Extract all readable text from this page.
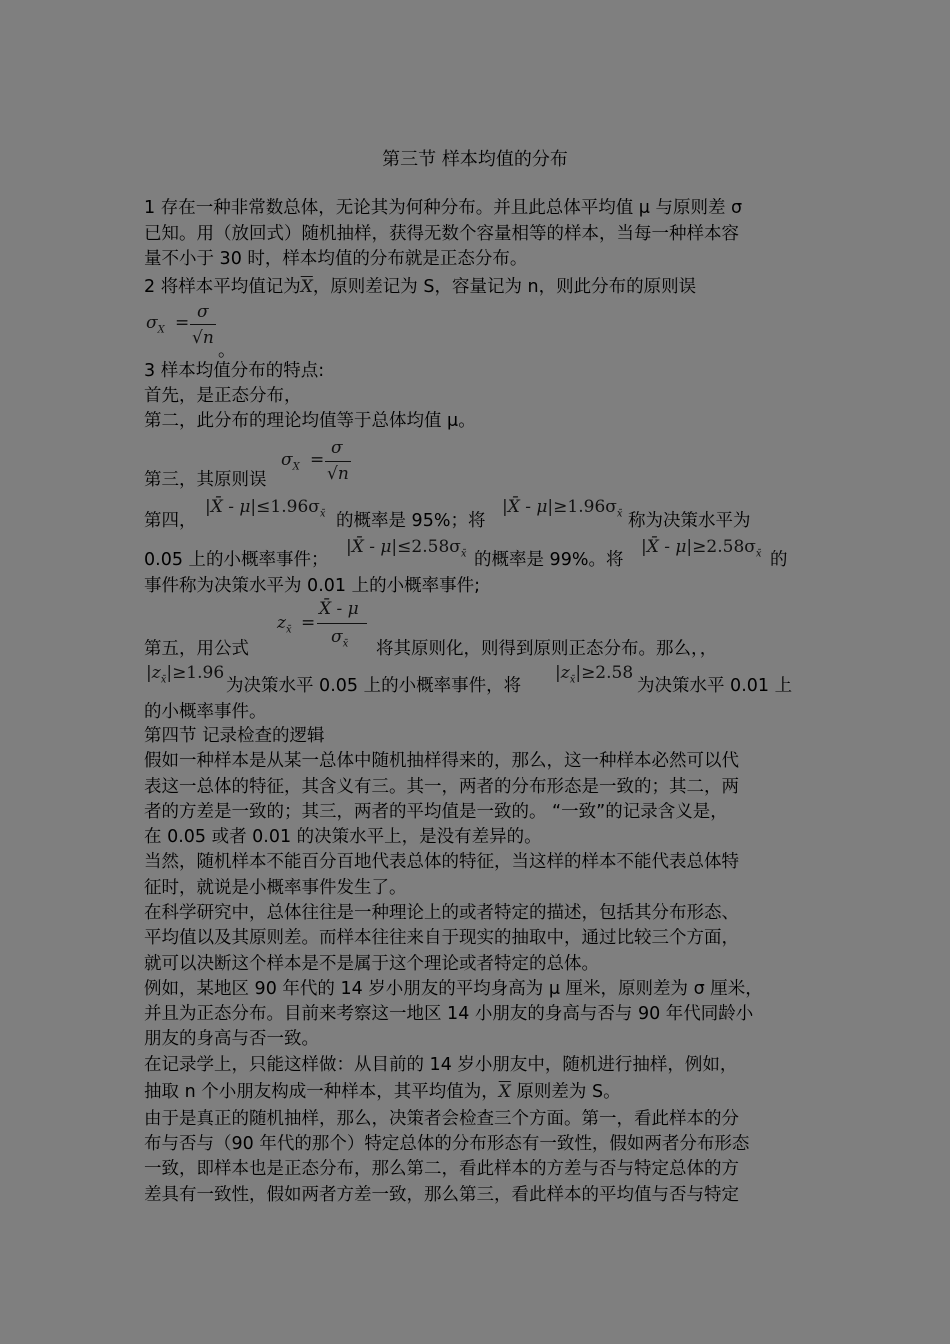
第三节 样本均值的分布
1 存在一种非常数总体，无论其为何种分布。并且此总体平均值 μ 与原则差 σ
已知。用（放回式）随机抽样，获得无数个容量相等的样本，当每一种样本容
量不小于 30 时，样本均值的分布就是正态分布。
2 将样本平均值记为$\overline{X}$，原则差记为 S，容量记为 n，则此分布的原则误
$\sigma_X$ =
σ
√n
。
3 样本均值分布的特点:
首先，是正态分布，
第二，此分布的理论均值等于总体均值 μ。
$\sigma_X$ =
σ
√n
第三，其原则误
第四，
|X̄ - $\mu|\le 1.96\sigma_{x̄}$ 的概率是 95%；将
|X̄ - $\mu|\ge 1.96\sigma_{x̄}$ 称为决策水平为
0.05 上的小概率事件；
|X̄ - $\mu|\le 2.58\sigma_{x̄}$ 的概率是 99%。将
|X̄ - $\mu|\ge 2.58\sigma_{x̄}$ 的
事件称为决策水平为 0.01 上的小概率事件;
$z_{x̄}$ =
X̄ - μ
$\sigma_{x̄}$
第五，用公式	将其原则化，则得到原则正态分布。那么，，
$|z_{x̄}|\ge 1.96$
为决策水平 0.05 上的小概率事件，将
$|z_{x̄}|\ge 2.58$
为决策水平 0.01 上
的小概率事件。
第四节 记录检查的逻辑
假如一种样本是从某一总体中随机抽样得来的，那么，这一种样本必然可以代
表这一总体的特征，其含义有三。其一，两者的分布形态是一致的；其二，两
者的方差是一致的；其三，两者的平均值是一致的。 “一致”的记录含义是，
在 0.05 或者 0.01 的决策水平上，是没有差异的。
当然，随机样本不能百分百地代表总体的特征，当这样的样本不能代表总体特
征时，就说是小概率事件发生了。
在科学研究中，总体往往是一种理论上的或者特定的描述，包括其分布形态、
平均值以及其原则差。而样本往往来自于现实的抽取中，通过比较三个方面，
就可以决断这个样本是不是属于这个理论或者特定的总体。
例如，某地区 90 年代的 14 岁小朋友的平均身高为 μ 厘米，原则差为 σ 厘米，
并且为正态分布。目前来考察这一地区 14 小朋友的身高与否与 90 年代同龄小
朋友的身高与否一致。
在记录学上，只能这样做：从目前的 14 岁小朋友中，随机进行抽样，例如，
抽取 n 个小朋友构成一种样本，其平均值为，$\overline{X}$ 原则差为 S。
由于是真正的随机抽样，那么，决策者会检查三个方面。第一，看此样本的分
布与否与（90 年代的那个）特定总体的分布形态有一致性，假如两者分布形态
一致，即样本也是正态分布，那么第二，看此样本的方差与否与特定总体的方
差具有一致性，假如两者方差一致，那么第三，看此样本的平均值与否与特定
